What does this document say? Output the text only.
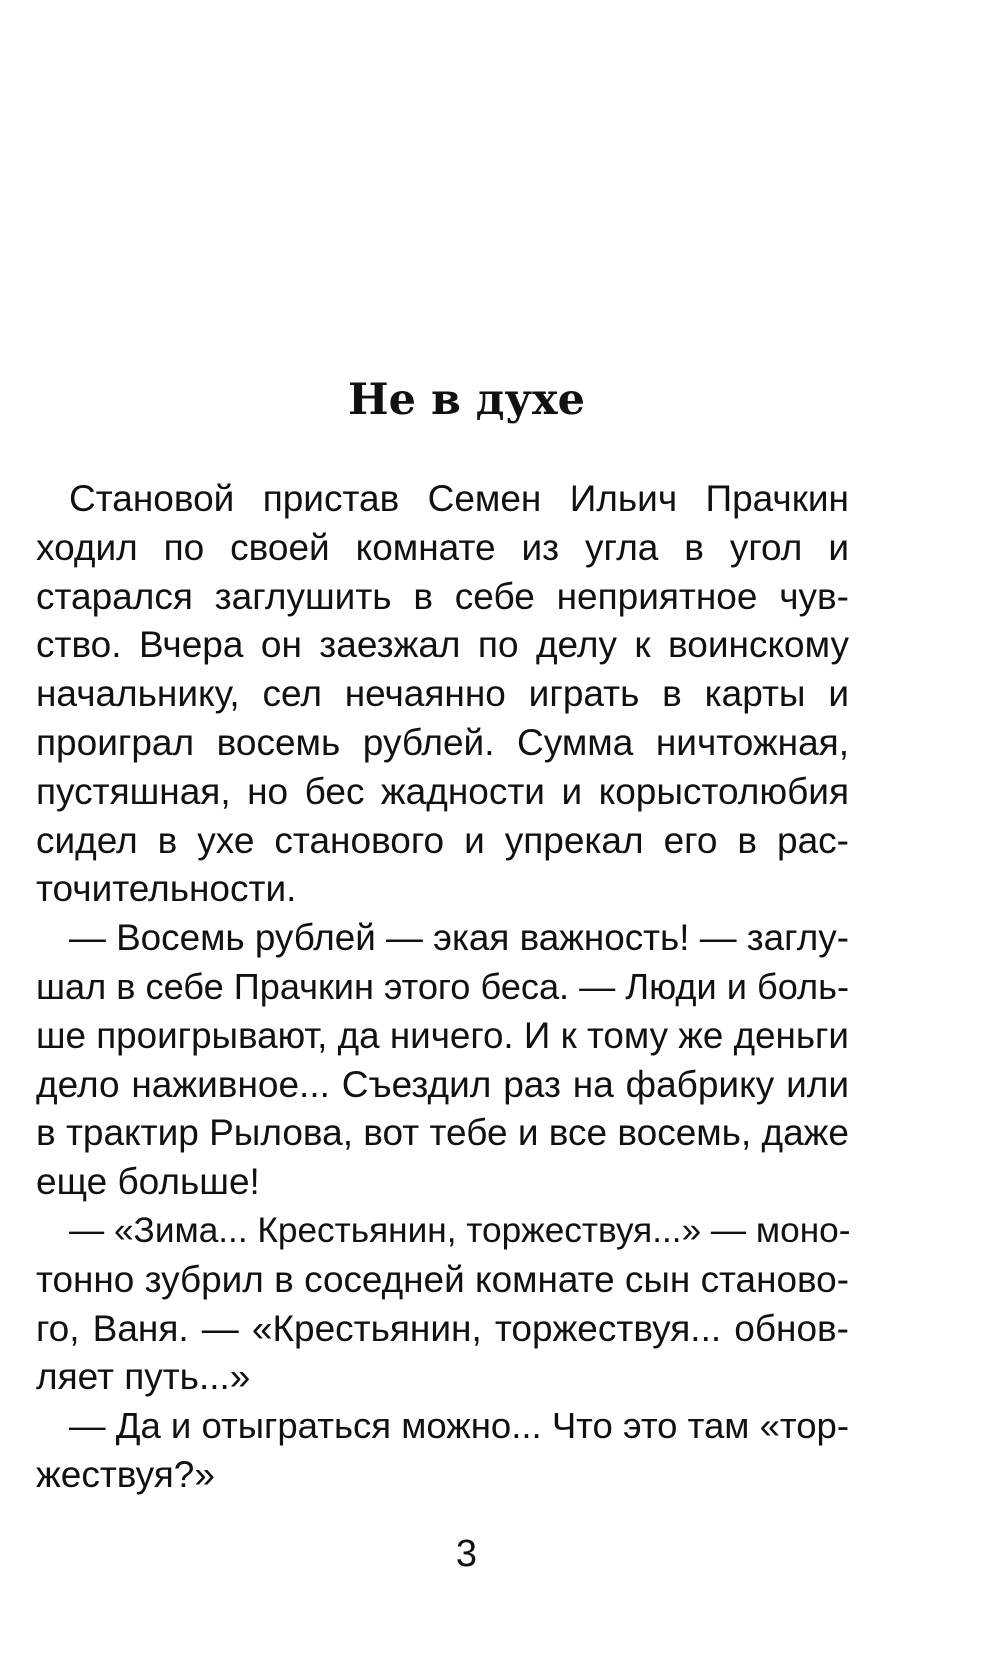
Не в духе
Становой пристав Семен Ильич Прачкин
ходил по своей комнате из угла в угол и
старался заглушить в себе неприятное чув-
ство. Вчера он заезжал по делу к воинскому
начальнику, сел нечаянно играть в карты и
проиграл восемь рублей. Сумма ничтожная,
пустяшная, но бес жадности и корыстолюбия
сидел в ухе станового и упрекал его в рас-
точительности.
— Восемь рублей — экая важность! — заглу-
шал в себе Прачкин этого беса. — Люди и боль-
ше проигрывают, да ничего. И к тому же деньги
дело наживное... Съездил раз на фабрику или
в трактир Рылова, вот тебе и все восемь, даже
еще больше!
— «Зима... Крестьянин, торжествуя...» — моно-
тонно зубрил в соседней комнате сын станово-
го, Ваня. — «Крестьянин, торжествуя... обнов-
ляет путь...»
— Да и отыграться можно... Что это там «тор-
жествуя?»
3
